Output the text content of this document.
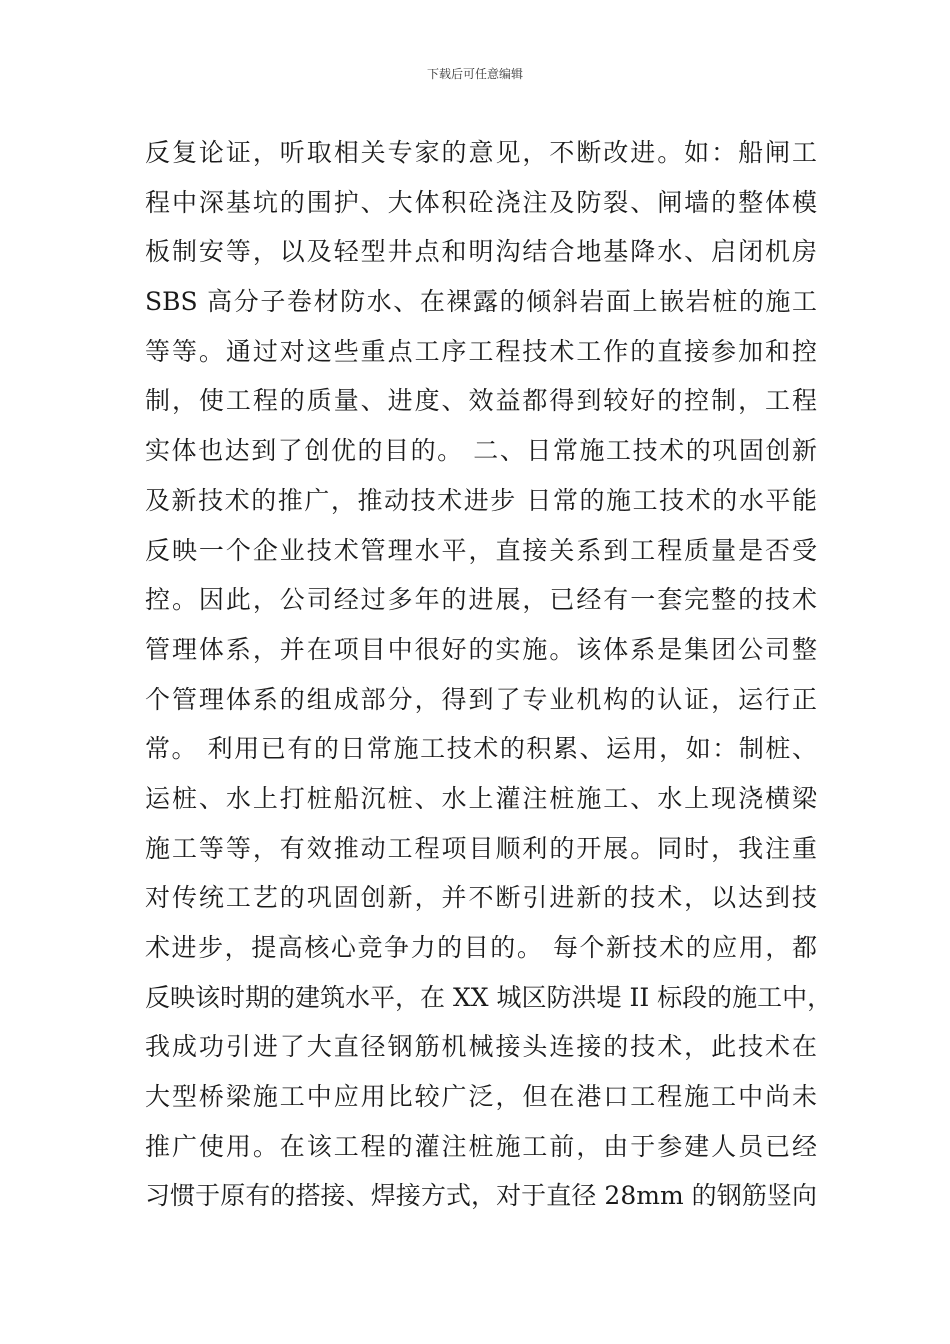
下载后可任意编辑
反复论证，听取相关专家的意见，不断改进。如：船闸工
程中深基坑的围护、大体积砼浇注及防裂、闸墙的整体模
板制安等，以及轻型井点和明沟结合地基降水、启闭机房
SBS 高分子卷材防水、在裸露的倾斜岩面上嵌岩桩的施工
等等。通过对这些重点工序工程技术工作的直接参加和控
制，使工程的质量、进度、效益都得到较好的控制，工程
实体也达到了创优的目的。 二、日常施工技术的巩固创新
及新技术的推广，推动技术进步 日常的施工技术的水平能
反映一个企业技术管理水平，直接关系到工程质量是否受
控。因此，公司经过多年的进展，已经有一套完整的技术
管理体系，并在项目中很好的实施。该体系是集团公司整
个管理体系的组成部分，得到了专业机构的认证，运行正
常。 利用已有的日常施工技术的积累、运用，如：制桩、
运桩、水上打桩船沉桩、水上灌注桩施工、水上现浇横梁
施工等等，有效推动工程项目顺利的开展。同时，我注重
对传统工艺的巩固创新，并不断引进新的技术，以达到技
术进步，提高核心竞争力的目的。 每个新技术的应用，都
反映该时期的建筑水平，在 XX 城区防洪堤 II 标段的施工中，
我成功引进了大直径钢筋机械接头连接的技术，此技术在
大型桥梁施工中应用比较广泛，但在港口工程施工中尚未
推广使用。在该工程的灌注桩施工前，由于参建人员已经
习惯于原有的搭接、焊接方式，对于直径 28mm 的钢筋竖向
